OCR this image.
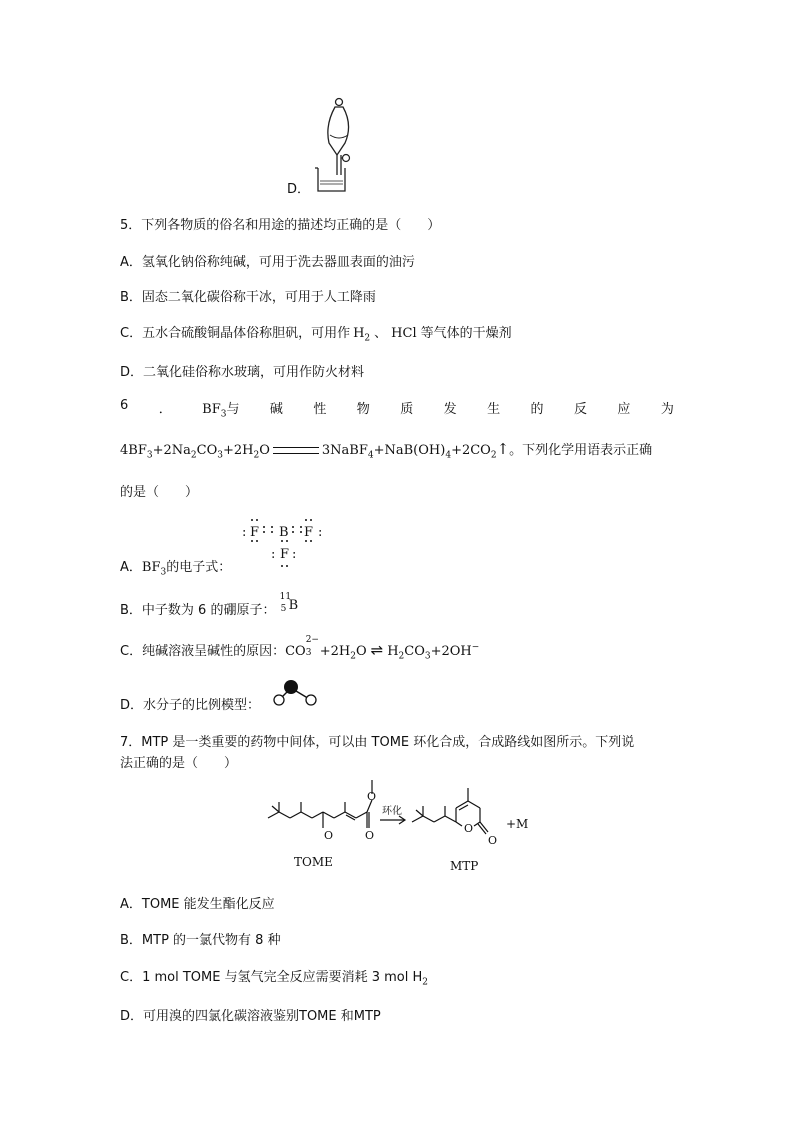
D．
5．下列各物质的俗名和用途的描述均正确的是（　　）
A．氢氧化钠俗称纯碱，可用于洗去器皿表面的油污
B．固态二氧化碳俗称干冰，可用于人工降雨
C．五水合硫酸铜晶体俗称胆矾，可用作 $H_2$ 、 HCl 等气体的干燥剂
D．二氧化硅俗称水玻璃，可用作防火材料
6 ． $BF_3$与 碱 性 物 质 发 生 的 反 应 为
$4BF_3+2Na_2CO_3+2H_2O$	$3NaBF_4+NaB(OH)_4+2CO_2↑$。下列化学用语表示正确
的是（　　）
A．$BF_3$的电子式：
: F B F :
F
: :
B．中子数为 6 的硼原子：
11
5 B
C．纯碱溶液呈碱性的原因：CO
2−
$3 +2H_2O$ ⇌ $H_2CO_3+2OH^-$
D．水分子的比例模型：
7．MTP 是一类重要的药物中间体，可以由 TOME 环化合成，合成路线如图所示。下列说
法正确的是（　　）
O	O
O
O
O
TOME	MTP
+M
环化
A．TOME 能发生酯化反应
B．MTP 的一氯代物有 8 种
C．1 mol TOME 与氢气完全反应需要消耗 3 mol $H_2$
D．可用溴的四氯化碳溶液鉴别TOME 和MTP
